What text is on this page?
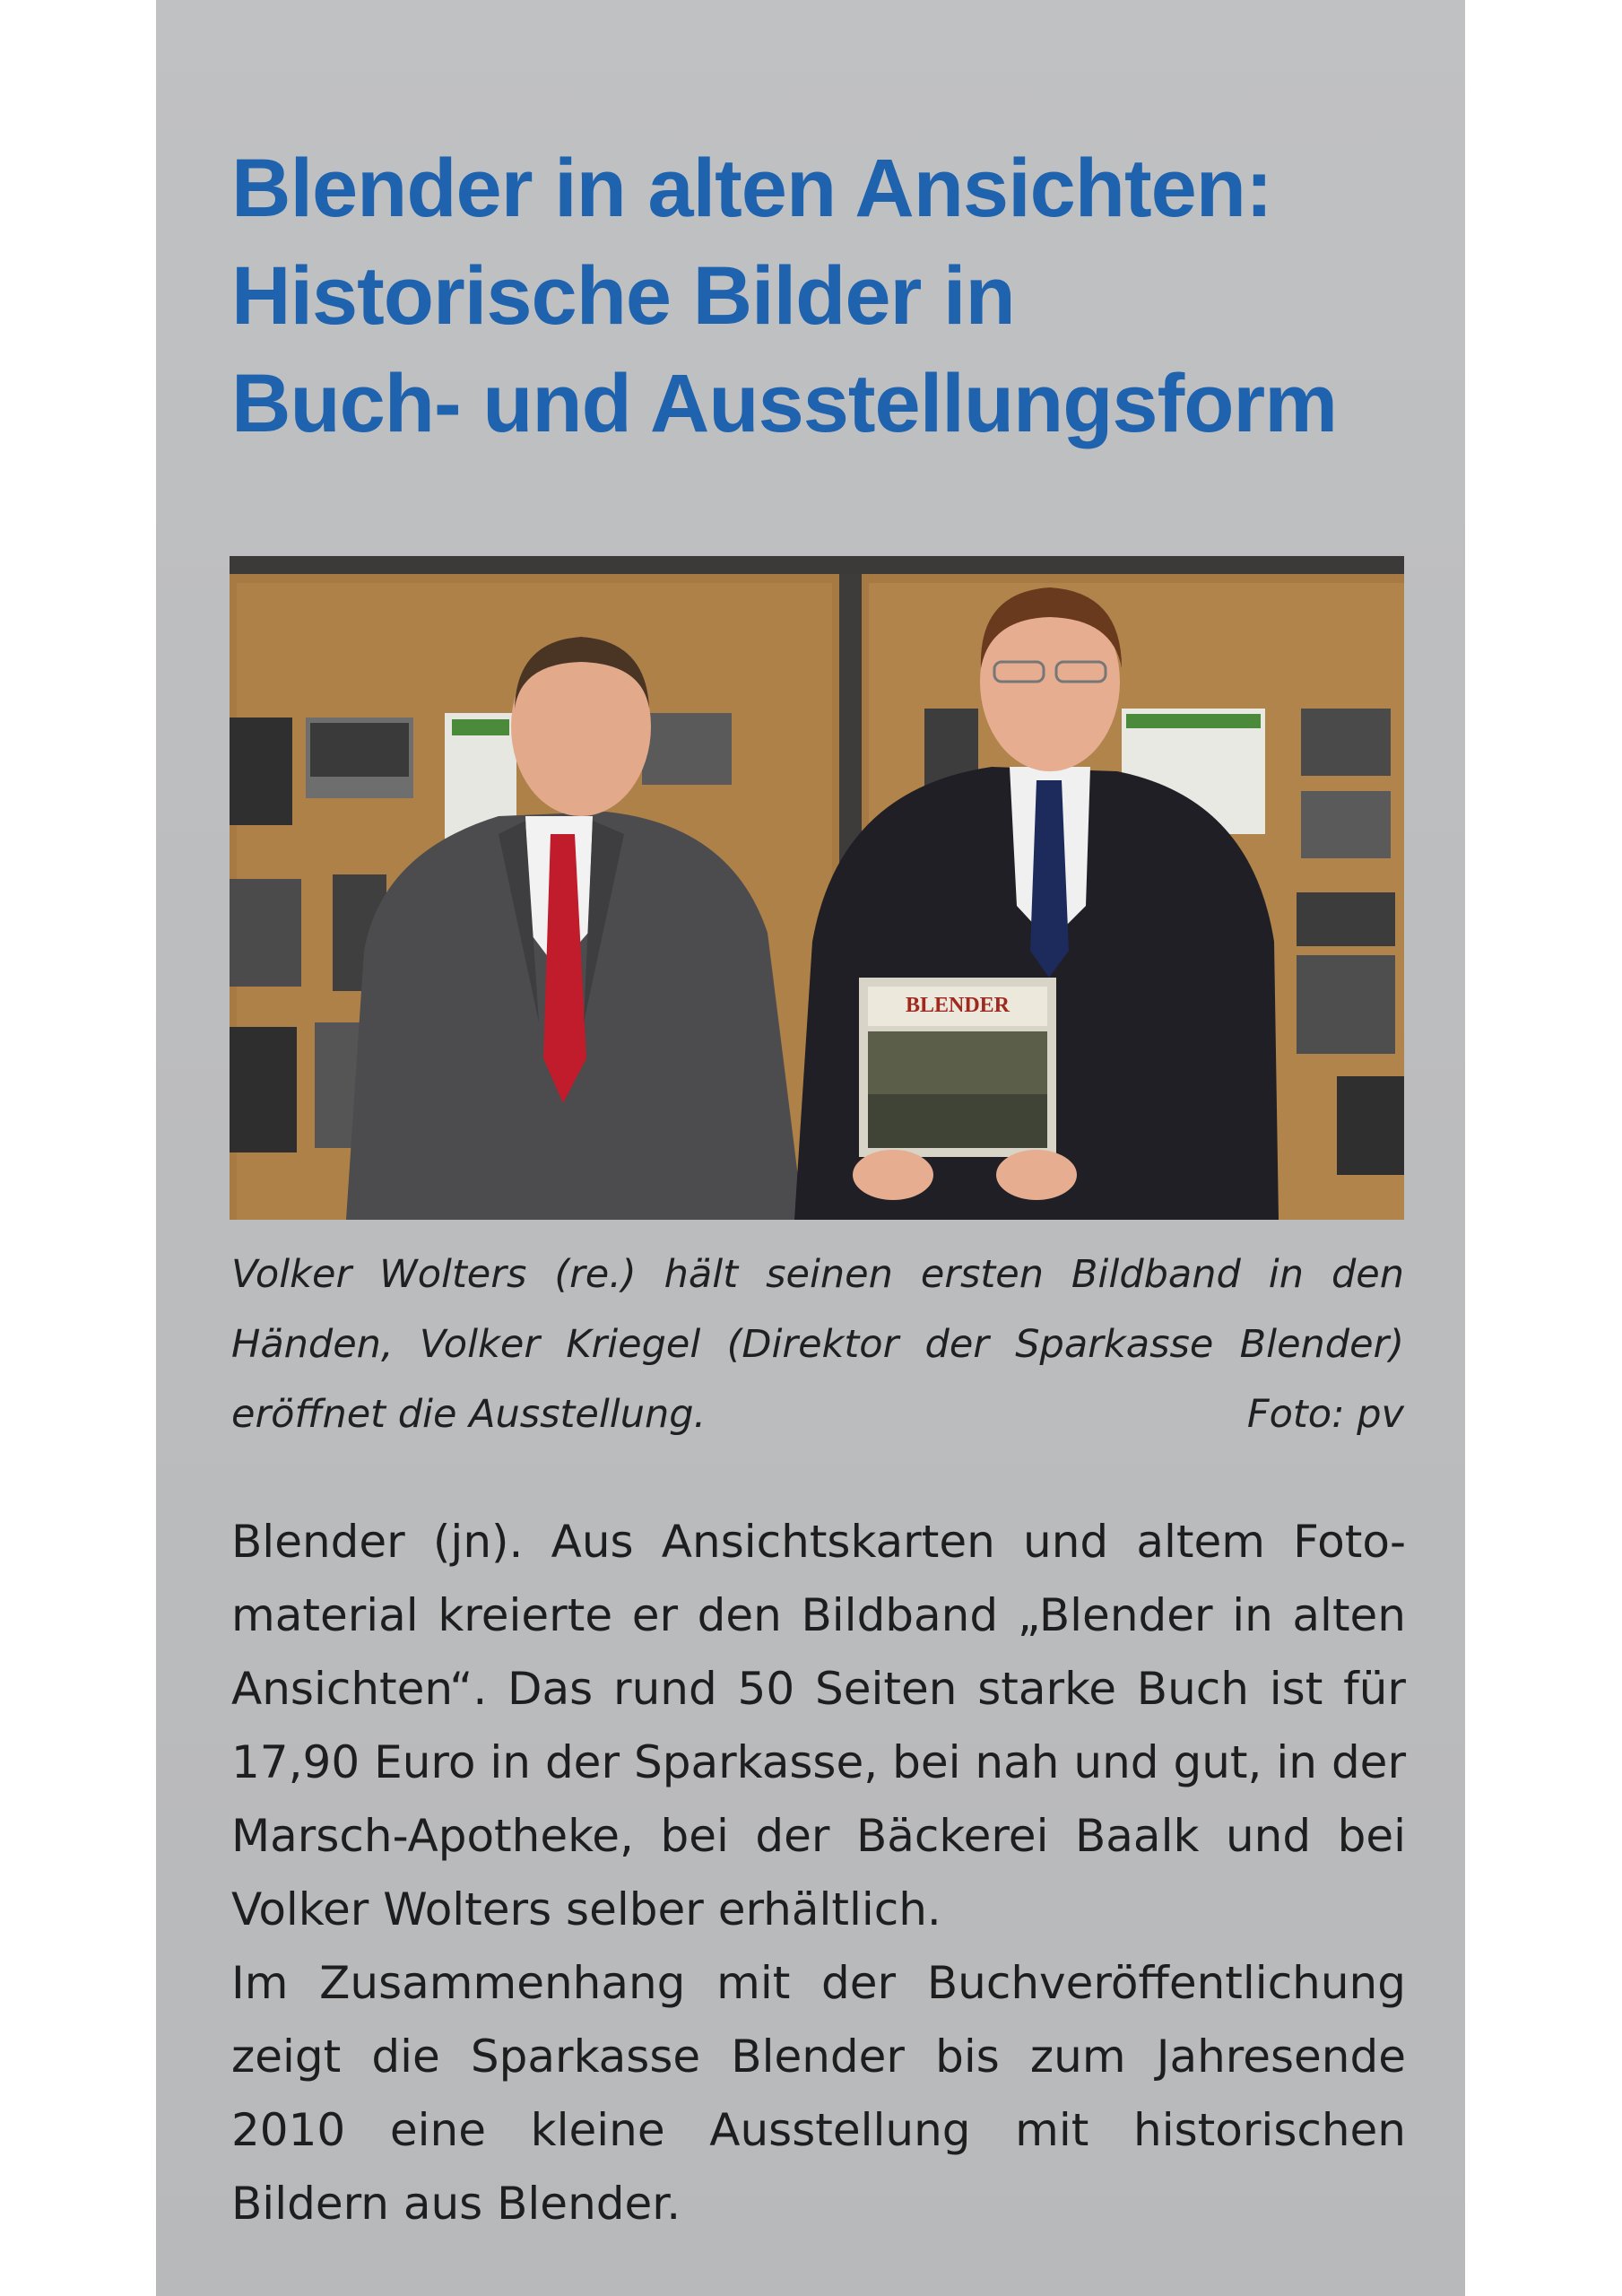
Blender in alten Ansichten:
Historische Bilder in
Buch- und Ausstellungsform
BLENDER

Volker Wolters (re.) hält seinen ersten Bildband in den Händen, Volker Kriegel (Direktor der Sparkasse Blender) eröffnet die Ausstellung.	Foto: pv

Blender (jn). Aus Ansichtskarten und altem Fotomaterial kreierte er den Bildband „Blender in alten Ansichten“. Das rund 50 Seiten starke Buch ist für 17,90 Euro in der Sparkasse, bei nah und gut, in der Marsch-Apotheke, bei der Bäckerei Baalk und bei Volker Wolters selber erhältlich.

Im Zusammenhang mit der Buchveröffentlichung zeigt die Sparkasse Blender bis zum Jahresende 2010 eine kleine Ausstellung mit historischen Bildern aus Blender.
